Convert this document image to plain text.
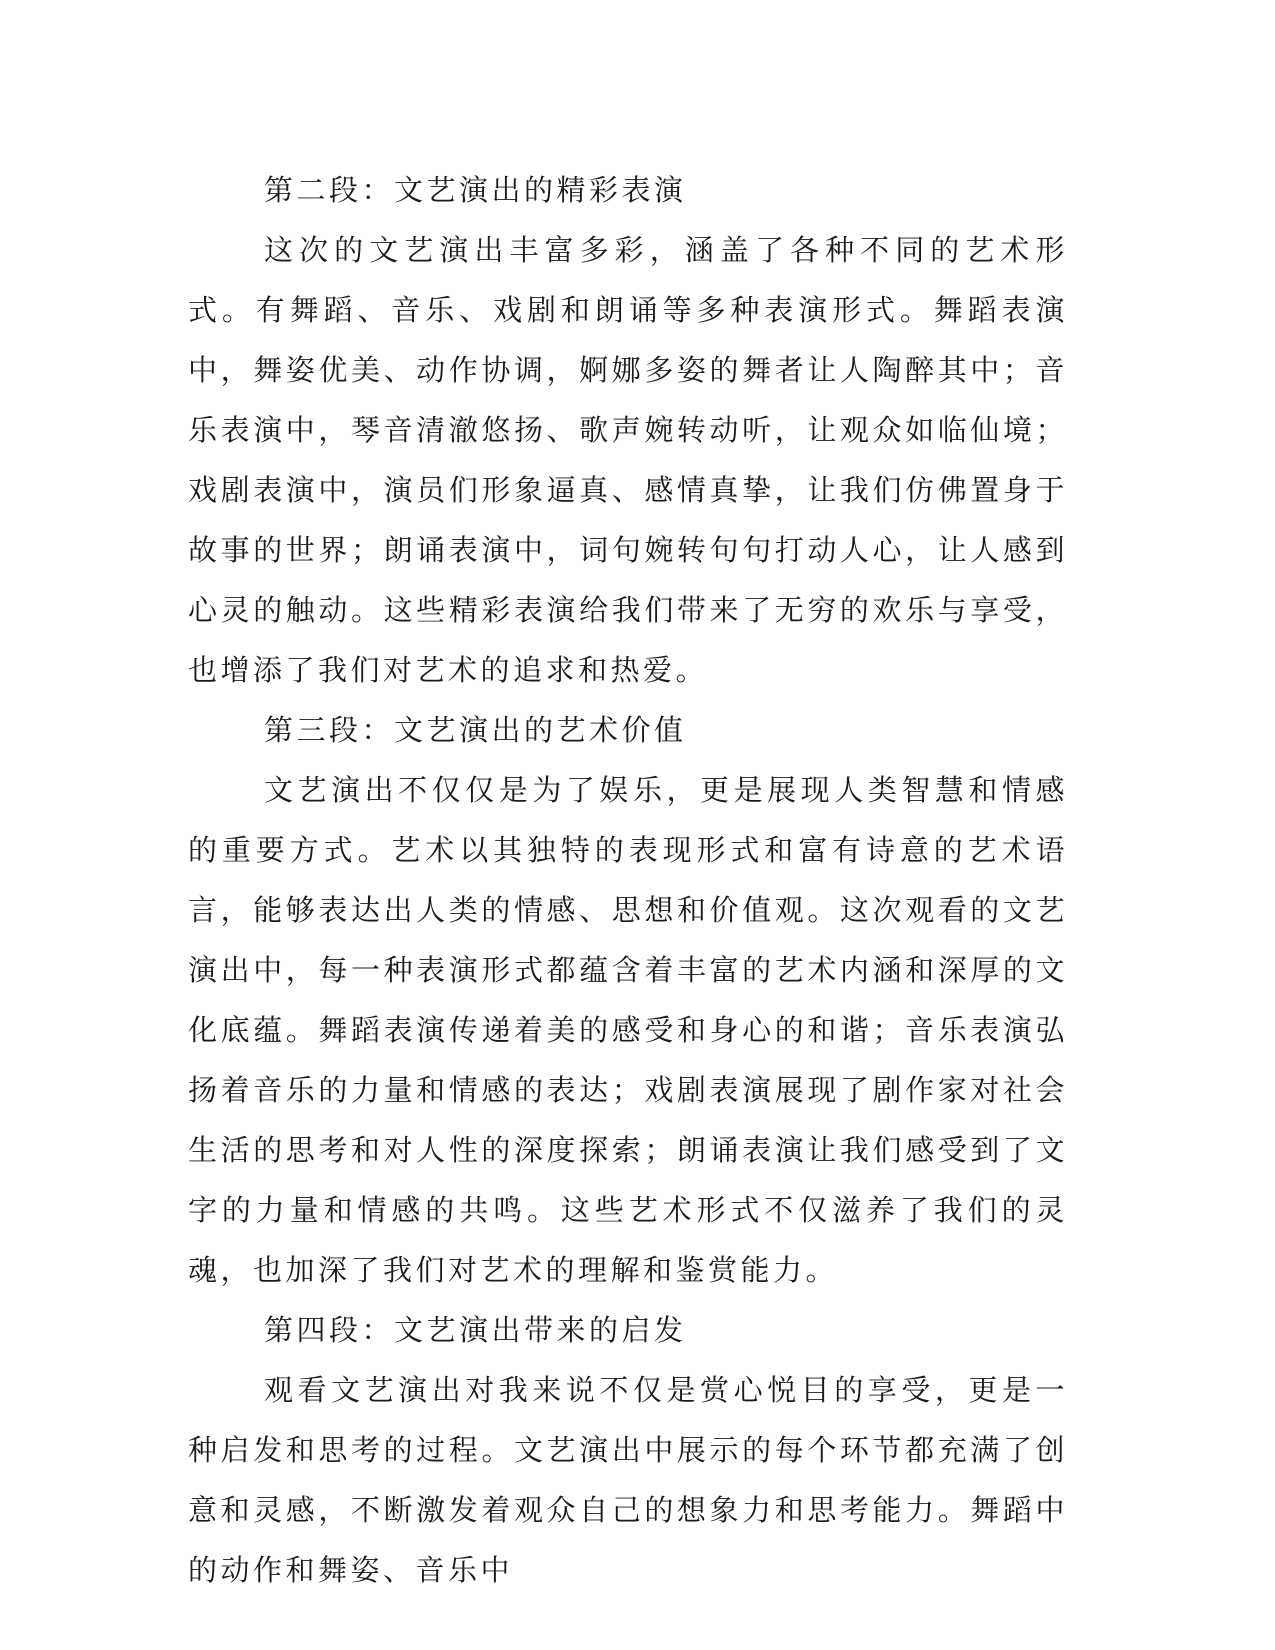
第二段：文艺演出的精彩表演

这次的文艺演出丰富多彩，涵盖了各种不同的艺术形式。有舞蹈、音乐、戏剧和朗诵等多种表演形式。舞蹈表演中，舞姿优美、动作协调，婀娜多姿的舞者让人陶醉其中；音乐表演中，琴音清澈悠扬、歌声婉转动听，让观众如临仙境；戏剧表演中，演员们形象逼真、感情真挚，让我们仿佛置身于故事的世界；朗诵表演中，词句婉转句句打动人心，让人感到心灵的触动。这些精彩表演给我们带来了无穷的欢乐与享受，也增添了我们对艺术的追求和热爱。

第三段：文艺演出的艺术价值

文艺演出不仅仅是为了娱乐，更是展现人类智慧和情感的重要方式。艺术以其独特的表现形式和富有诗意的艺术语言，能够表达出人类的情感、思想和价值观。这次观看的文艺演出中，每一种表演形式都蕴含着丰富的艺术内涵和深厚的文化底蕴。舞蹈表演传递着美的感受和身心的和谐；音乐表演弘扬着音乐的力量和情感的表达；戏剧表演展现了剧作家对社会生活的思考和对人性的深度探索；朗诵表演让我们感受到了文字的力量和情感的共鸣。这些艺术形式不仅滋养了我们的灵魂，也加深了我们对艺术的理解和鉴赏能力。

第四段：文艺演出带来的启发

观看文艺演出对我来说不仅是赏心悦目的享受，更是一种启发和思考的过程。文艺演出中展示的每个环节都充满了创意和灵感，不断激发着观众自己的想象力和思考能力。舞蹈中的动作和舞姿、音乐中
